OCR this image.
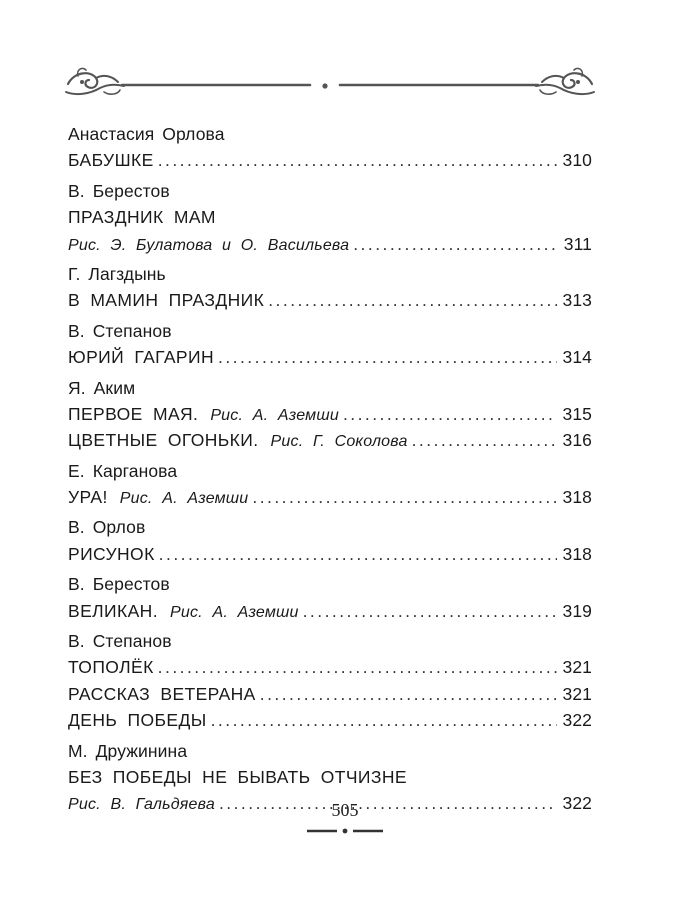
Анастасия Орлова
БАБУШКЕ . . .	310
В. Берестов
ПРАЗДНИК МАМ
Рис. Э. Булатова и О. Васильева . . .	311
Г. Лагздынь
В МАМИН ПРАЗДНИК . . .	313
В. Степанов
ЮРИЙ ГАГАРИН . . .	314
Я. Аким
ПЕРВОЕ МАЯ. Рис. А. Аземши . . .	315
ЦВЕТНЫЕ ОГОНЬКИ. Рис. Г. Соколова . . .	316
Е. Карганова
УРА! Рис. А. Аземши . . .	318
В. Орлов
РИСУНОК . . .	318
В. Берестов
ВЕЛИКАН. Рис. А. Аземши . . .	319
В. Степанов
ТОПОЛЁК . . .	321
РАССКАЗ ВЕТЕРАНА . . .	321
ДЕНЬ ПОБЕДЫ . . .	322
М. Дружинина
БЕЗ ПОБЕДЫ НЕ БЫВАТЬ ОТЧИЗНЕ
Рис. В. Гальдяева . . .	322
505
